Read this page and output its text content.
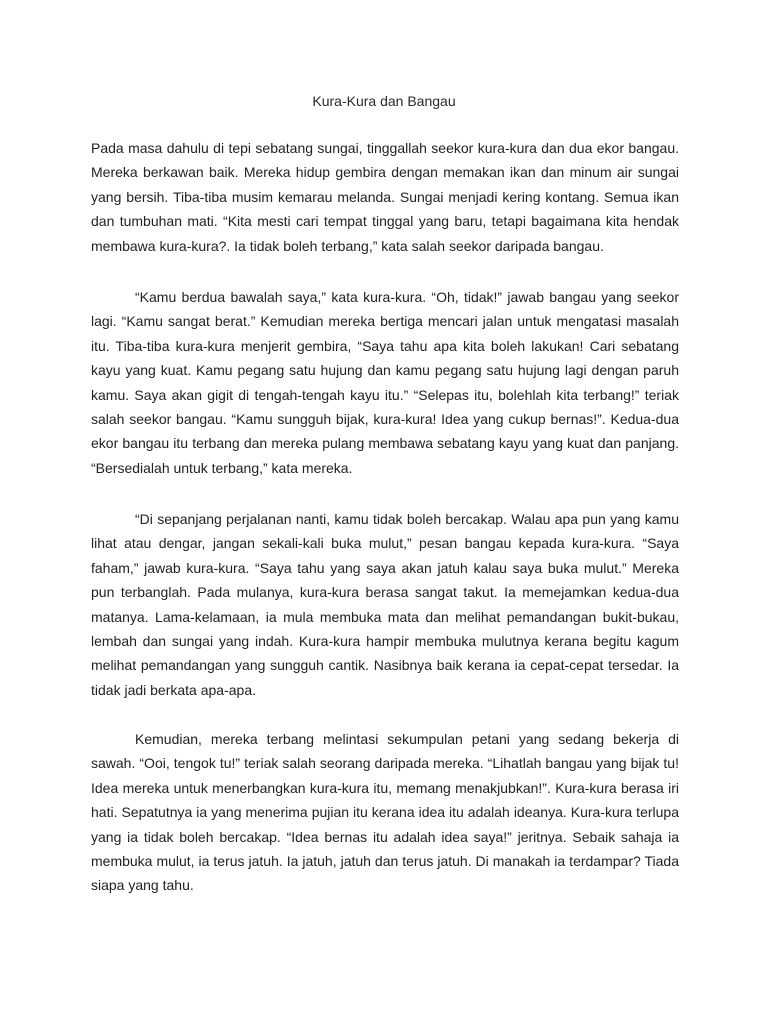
Kura-Kura dan Bangau

Pada masa dahulu di tepi sebatang sungai, tinggallah seekor kura-kura dan dua ekor bangau. Mereka berkawan baik. Mereka hidup gembira dengan memakan ikan dan minum air sungai yang bersih. Tiba-tiba musim kemarau melanda. Sungai menjadi kering kontang. Semua ikan dan tumbuhan mati. “Kita mesti cari tempat tinggal yang baru, tetapi bagaimana kita hendak membawa kura-kura?. Ia tidak boleh terbang,” kata salah seekor daripada bangau.

“Kamu berdua bawalah saya,” kata kura-kura. “Oh, tidak!” jawab bangau yang seekor lagi. “Kamu sangat berat.” Kemudian mereka bertiga mencari jalan untuk mengatasi masalah itu. Tiba-tiba kura-kura menjerit gembira, “Saya tahu apa kita boleh lakukan! Cari sebatang kayu yang kuat. Kamu pegang satu hujung dan kamu pegang satu hujung lagi dengan paruh kamu. Saya akan gigit di tengah-tengah kayu itu.” “Selepas itu, bolehlah kita terbang!” teriak salah seekor bangau. “Kamu sungguh bijak, kura-kura! Idea yang cukup bernas!”. Kedua-dua ekor bangau itu terbang dan mereka pulang membawa sebatang kayu yang kuat dan panjang. “Bersedialah untuk terbang,” kata mereka.

“Di sepanjang perjalanan nanti, kamu tidak boleh bercakap. Walau apa pun yang kamu lihat atau dengar, jangan sekali-kali buka mulut,” pesan bangau kepada kura-kura. “Saya faham,” jawab kura-kura. “Saya tahu yang saya akan jatuh kalau saya buka mulut.” Mereka pun terbanglah. Pada mulanya, kura-kura berasa sangat takut. Ia memejamkan kedua-dua matanya. Lama-kelamaan, ia mula membuka mata dan melihat pemandangan bukit-bukau, lembah dan sungai yang indah. Kura-kura hampir membuka mulutnya kerana begitu kagum melihat pemandangan yang sungguh cantik. Nasibnya baik kerana ia cepat-cepat tersedar. Ia tidak jadi berkata apa-apa.

Kemudian, mereka terbang melintasi sekumpulan petani yang sedang bekerja di sawah. “Ooi, tengok tu!” teriak salah seorang daripada mereka. “Lihatlah bangau yang bijak tu! Idea mereka untuk menerbangkan kura-kura itu, memang menakjubkan!”. Kura-kura berasa iri hati. Sepatutnya ia yang menerima pujian itu kerana idea itu adalah ideanya. Kura-kura terlupa yang ia tidak boleh bercakap. “Idea bernas itu adalah idea saya!” jeritnya. Sebaik sahaja ia membuka mulut, ia terus jatuh. Ia jatuh, jatuh dan terus jatuh. Di manakah ia terdampar? Tiada siapa yang tahu.
